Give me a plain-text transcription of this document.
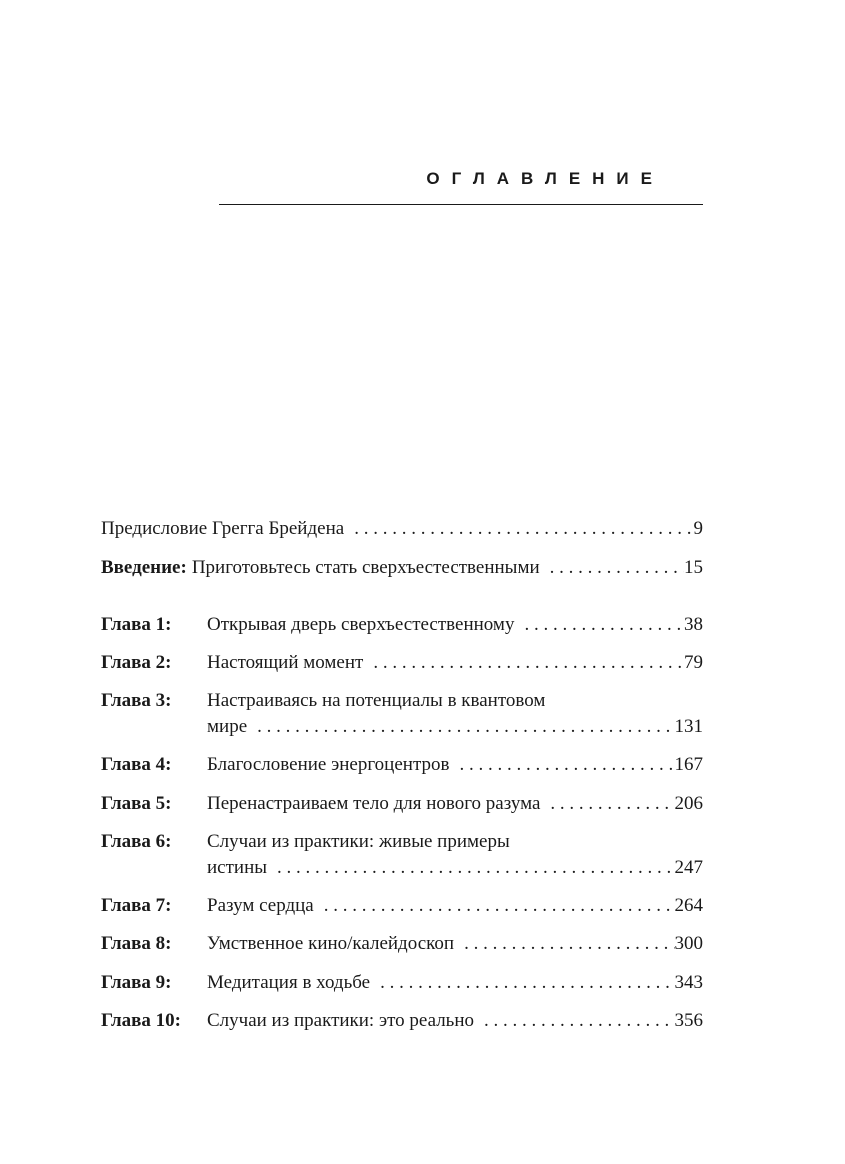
ОГЛАВЛЕНИЕ
Предисловие Грегга Брейдена . . .	9
Введение: Приготовьтесь стать сверхъестественными . . .	15
Глава 1:	Открывая дверь сверхъестественному . . .	38
Глава 2:	Настоящий момент . . .	79
Глава 3:	Настраиваясь на потенциалы в квантовом
мире . . .	131
Глава 4:	Благословение энергоцентров . . .	167
Глава 5:	Перенастраиваем тело для нового разума . . .	206
Глава 6:	Случаи из практики: живые примеры
истины . . .	247
Глава 7:	Разум сердца . . .	264
Глава 8:	Умственное кино/калейдоскоп . . .	300
Глава 9:	Медитация в ходьбе . . .	343
Глава 10:	Случаи из практики: это реально . . .	356
